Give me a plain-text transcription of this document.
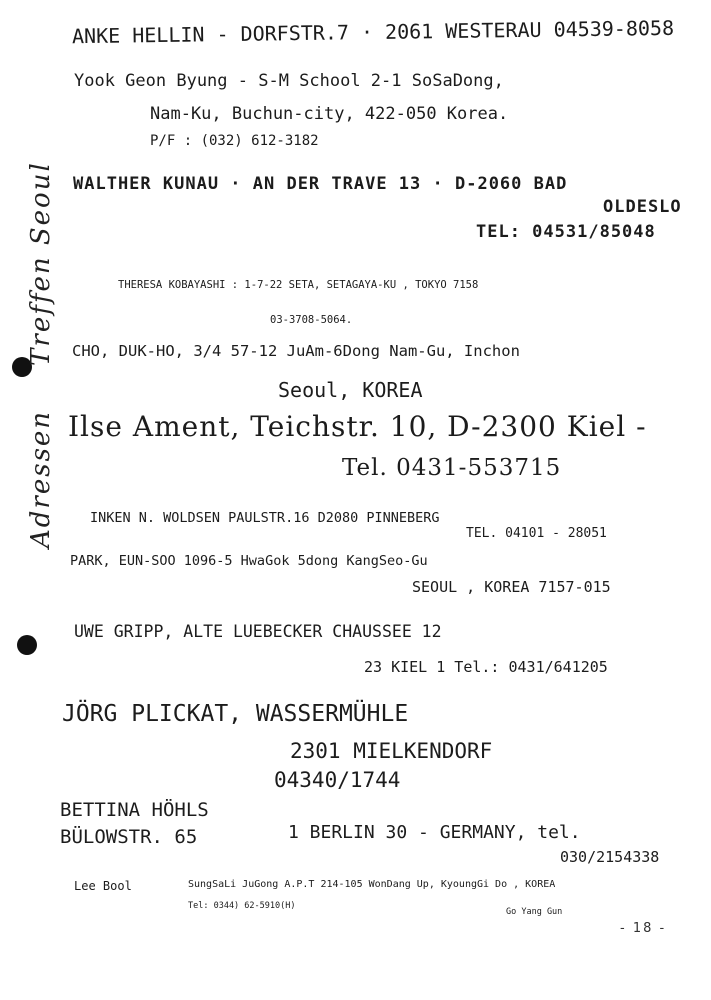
AdressenTreffen Seoul
ANKE HELLIN - DORFSTR.7 · 2061 WESTERAU 04539-8058
Yook Geon Byung - S-M School 2-1 SoSaDong,
Nam-Ku, Buchun-city, 422-050 Korea.
P/F : (032) 612-3182
WALTHER KUNAU · AN DER TRAVE 13 · D-2060 BAD
OLDESLO
TEL: 04531/85048
THERESA KOBAYASHI : 1-7-22 SETA, SETAGAYA-KU , TOKYO 7158
03-3708-5064.
CHO, DUK-HO, 3/4 57-12 JuAm-6Dong Nam-Gu, Inchon
Seoul, KOREA
Ilse Ament, Teichstr. 10, D-2300 Kiel -
Tel. 0431-553715
INKEN N. WOLDSEN PAULSTR.16 D2080 PINNEBERG
TEL. 04101 - 28051
PARK, EUN-SOO 1096-5 HwaGok 5dong KangSeo-Gu
SEOUL , KOREA 7157-015
UWE GRIPP, ALTE LUEBECKER CHAUSSEE 12
23 KIEL 1 Tel.: 0431/641205
JÖRG PLICKAT, WASSERMÜHLE
2301 MIELKENDORF
04340/1744
BETTINA HÖHLS
BÜLOWSTR. 65	1 BERLIN 30 - GERMANY, tel.
030/2154338
Lee Bool	SungSaLi JuGong A.P.T 214-105 WonDang Up, KyoungGi Do , KOREA
Tel: 0344) 62-5910(H)
Go Yang Gun
- 18 -
